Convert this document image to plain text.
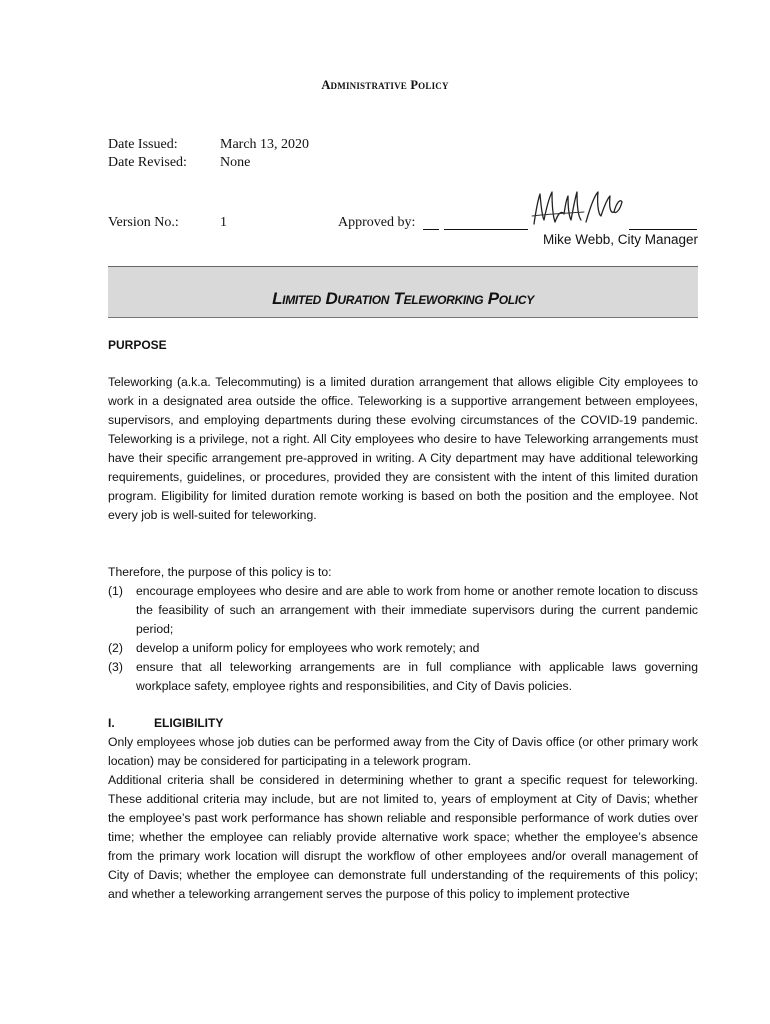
Administrative Policy
Date Issued:	March 13, 2020
Date Revised: None
Version No.:	1	Approved by:
Mike Webb, City Manager
Limited Duration Teleworking Policy
PURPOSE
Teleworking (a.k.a. Telecommuting) is a limited duration arrangement that allows eligible City employees to work in a designated area outside the office. Teleworking is a supportive arrangement between employees, supervisors, and employing departments during these evolving circumstances of the COVID-19 pandemic. Teleworking is a privilege, not a right. All City employees who desire to have Teleworking arrangements must have their specific arrangement pre-approved in writing. A City department may have additional teleworking requirements, guidelines, or procedures, provided they are consistent with the intent of this limited duration program. Eligibility for limited duration remote working is based on both the position and the employee. Not every job is well-suited for teleworking.
Therefore, the purpose of this policy is to:
(1)	encourage employees who desire and are able to work from home or another remote location to discuss the feasibility of such an arrangement with their immediate supervisors during the current pandemic period;
(2)	develop a uniform policy for employees who work remotely; and
(3)	ensure that all teleworking arrangements are in full compliance with applicable laws governing workplace safety, employee rights and responsibilities, and City of Davis policies.
I.	ELIGIBILITY
Only employees whose job duties can be performed away from the City of Davis office (or other primary work location) may be considered for participating in a telework program.
Additional criteria shall be considered in determining whether to grant a specific request for teleworking. These additional criteria may include, but are not limited to, years of employment at City of Davis; whether the employee’s past work performance has shown reliable and responsible performance of work duties over time; whether the employee can reliably provide alternative work space; whether the employee’s absence from the primary work location will disrupt the workflow of other employees and/or overall management of City of Davis; whether the employee can demonstrate full understanding of the requirements of this policy; and whether a teleworking arrangement serves the purpose of this policy to implement protective
